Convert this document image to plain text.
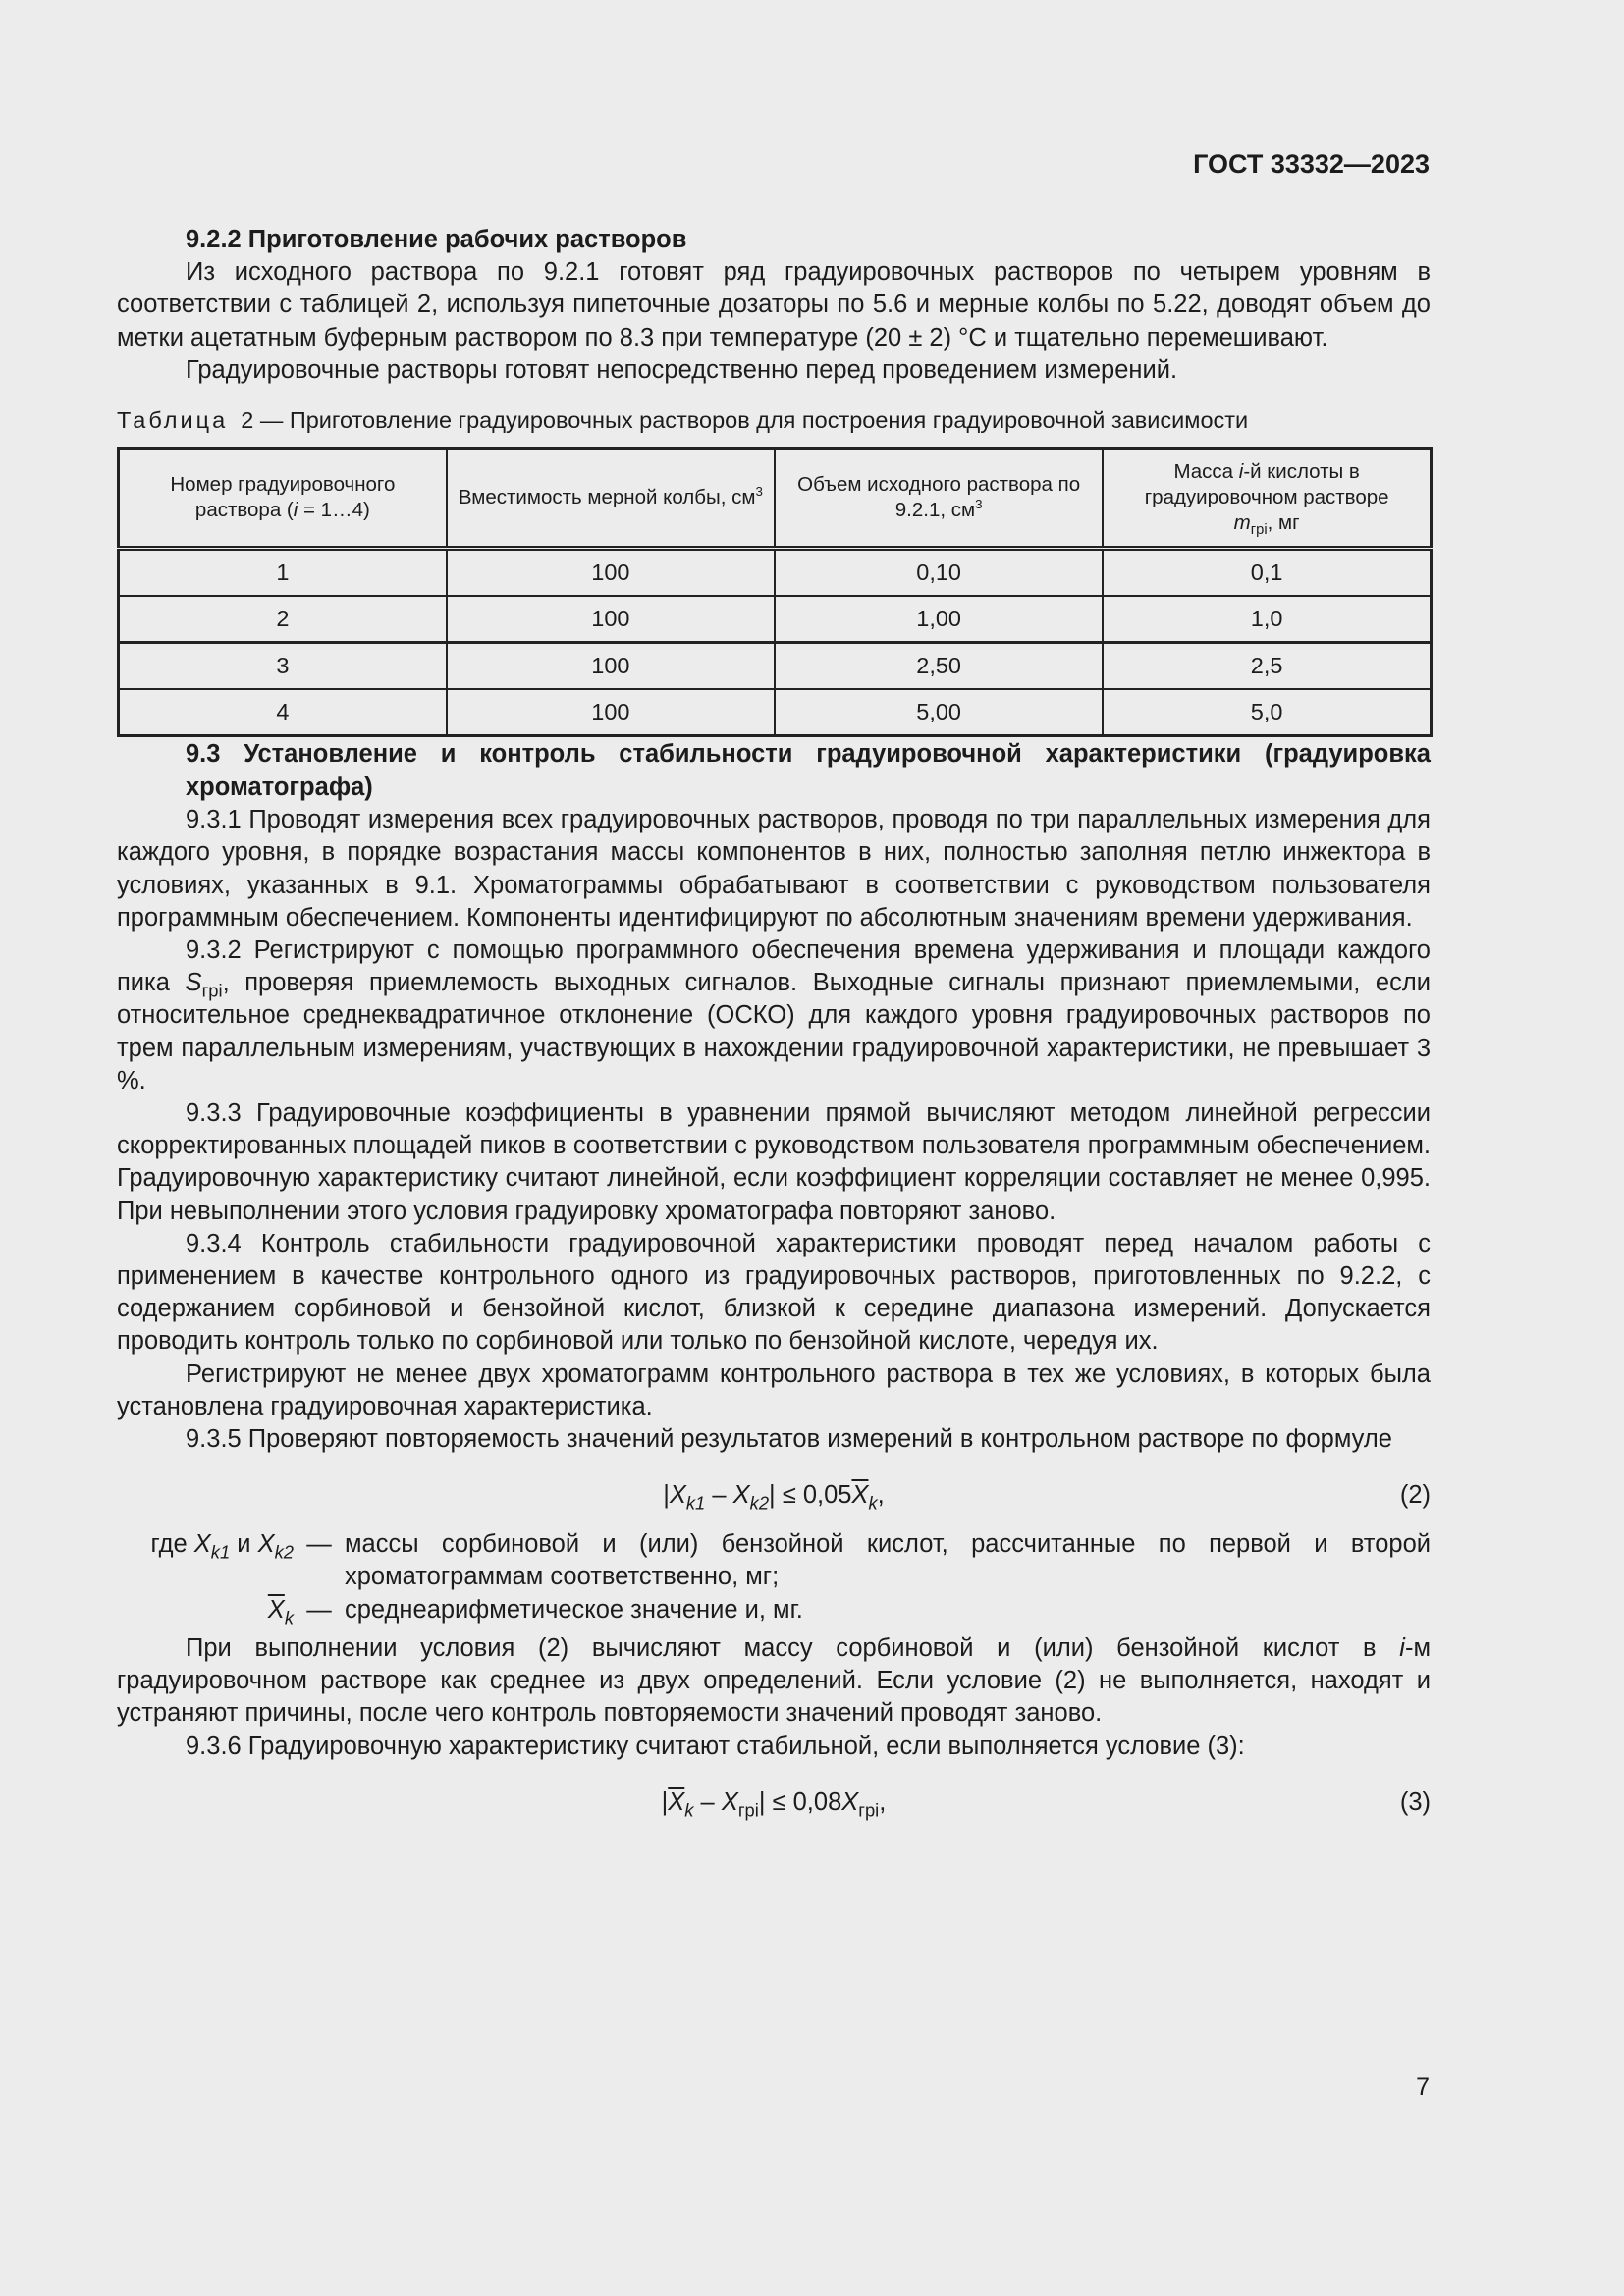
ГОСТ 33332—2023

9.2.2 Приготовление рабочих растворов

Из исходного раствора по 9.2.1 готовят ряд градуировочных растворов по четырем уровням в соответствии с таблицей 2, используя пипеточные дозаторы по 5.6 и мерные колбы по 5.22, доводят объем до метки ацетатным буферным раствором по 8.3 при температуре (20 ± 2) °С и тщательно перемешивают.

Градуировочные растворы готовят непосредственно перед проведением измерений.

Таблица 2 — Приготовление градуировочных растворов для построения градуировочной зависимости
Номер градуировочного раствора (i = 1…4)	Вместимость мерной колбы, $см^3$	Объем исходного раствора по 9.2.1, $см^3$	Масса i-й кислоты в градуировочном растворе
$m_{грi}$, мг
1	100	0,10	0,1
2	100	1,00	1,0
3	100	2,50	2,5
4	100	5,00	5,0

9.3 Установление и контроль стабильности градуировочной характеристики (градуировка хроматографа)

9.3.1 Проводят измерения всех градуировочных растворов, проводя по три параллельных измерения для каждого уровня, в порядке возрастания массы компонентов в них, полностью заполняя петлю инжектора в условиях, указанных в 9.1. Хроматограммы обрабатывают в соответствии с руководством пользователя программным обеспечением. Компоненты идентифицируют по абсолютным значениям времени удерживания.

9.3.2 Регистрируют с помощью программного обеспечения времена удерживания и площади каждого пика $S_{грi}$, проверяя приемлемость выходных сигналов. Выходные сигналы признают приемлемыми, если относительное среднеквадратичное отклонение (ОСКО) для каждого уровня градуировочных растворов по трем параллельным измерениям, участвующих в нахождении градуировочной характеристики, не превышает 3 %.

9.3.3 Градуировочные коэффициенты в уравнении прямой вычисляют методом линейной регрессии скорректированных площадей пиков в соответствии с руководством пользователя программным обеспечением. Градуировочную характеристику считают линейной, если коэффициент корреляции составляет не менее 0,995. При невыполнении этого условия градуировку хроматографа повторяют заново.

9.3.4 Контроль стабильности градуировочной характеристики проводят перед началом работы с применением в качестве контрольного одного из градуировочных растворов, приготовленных по 9.2.2, с содержанием сорбиновой и бензойной кислот, близкой к середине диапазона измерений. Допускается проводить контроль только по сорбиновой или только по бензойной кислоте, чередуя их.

Регистрируют не менее двух хроматограмм контрольного раствора в тех же условиях, в которых была установлена градуировочная характеристика.

9.3.5 Проверяют повторяемость значений результатов измерений в контрольном растворе по формуле

$|X_{k1} - X_{k2}| \le 0,05\overline{X}_k$,	(2)
где $X_{k1}$ и $X_{k2}$ — массы сорбиновой и (или) бензойной кислот, рассчитанные по первой и второй хроматограммам соответственно, мг;
$\overline{X}_k$ — среднеарифметическое значение и, мг.

При выполнении условия (2) вычисляют массу сорбиновой и (или) бензойной кислот в i-м градуировочном растворе как среднее из двух определений. Если условие (2) не выполняется, находят и устраняют причины, после чего контроль повторяемости значений проводят заново.

9.3.6 Градуировочную характеристику считают стабильной, если выполняется условие (3):

$|\overline{X}_k - X_{грi}| \le 0,08X_{грi}$,	(3)
7
